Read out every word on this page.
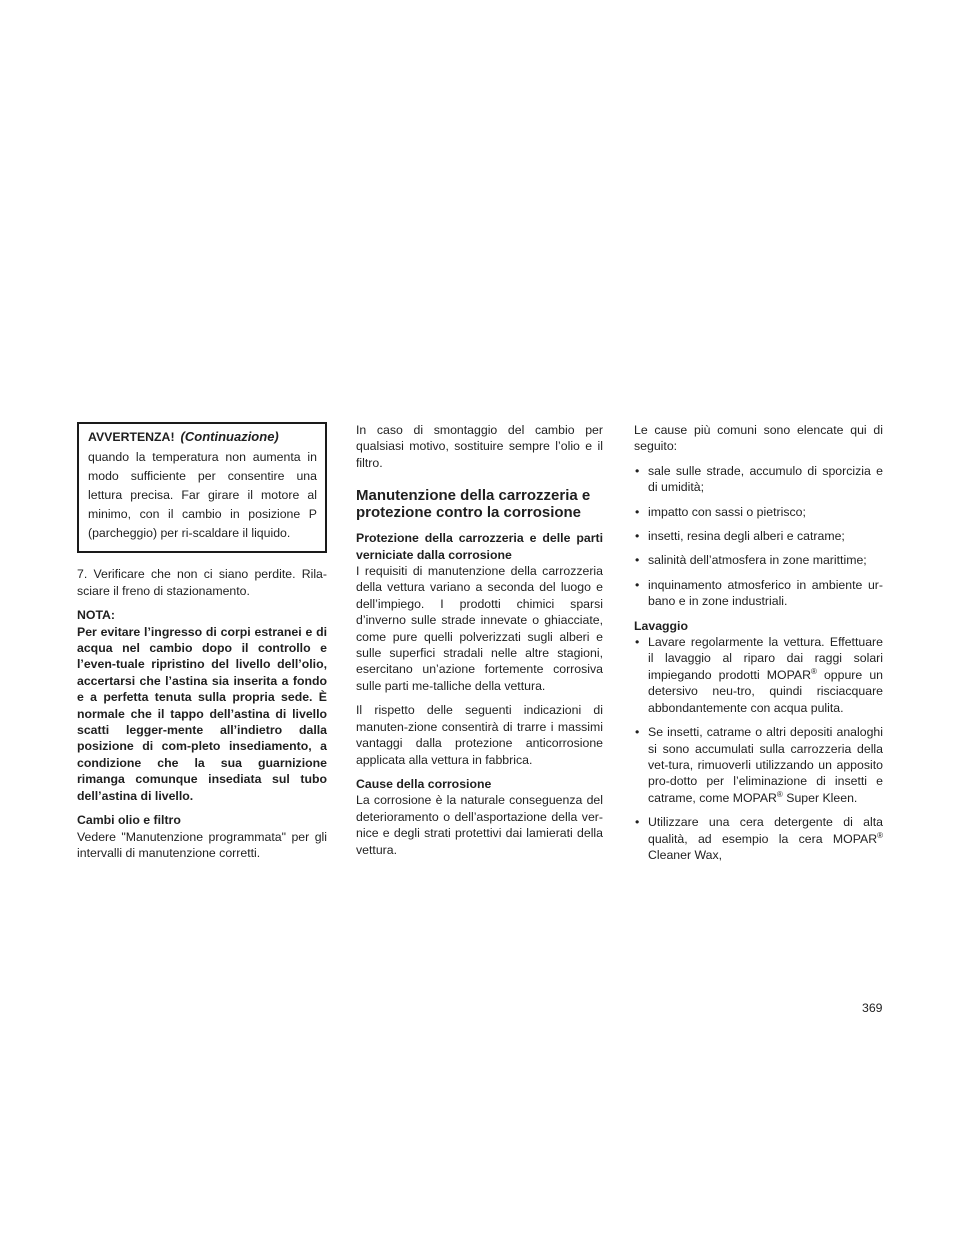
AVVERTENZA! (Continuazione)

quando la temperatura non aumenta in modo sufficiente per consentire una lettura precisa. Far girare il motore al minimo, con il cambio in posizione P (parcheggio) per ri-scaldare il liquido.

7. Verificare che non ci siano perdite. Rila-sciare il freno di stazionamento.

NOTA:

Per evitare l’ingresso di corpi estranei e di acqua nel cambio dopo il controllo e l’even-tuale ripristino del livello dell’olio, accertarsi che l’astina sia inserita a fondo e a perfetta tenuta sulla propria sede. È normale che il tappo dell’astina di livello scatti legger-mente all’indietro dalla posizione di com-pleto insediamento, a condizione che la sua guarnizione rimanga comunque insediata sul tubo dell’astina di livello.

Cambi olio e filtro

Vedere "Manutenzione programmata" per gli intervalli di manutenzione corretti.

In caso di smontaggio del cambio per qualsiasi motivo, sostituire sempre l’olio e il filtro.

Manutenzione della carrozzeria e protezione contro la corrosione

Protezione della carrozzeria e delle parti verniciate dalla corrosione

I requisiti di manutenzione della carrozzeria della vettura variano a seconda del luogo e dell’impiego. I prodotti chimici sparsi d’inverno sulle strade innevate o ghiacciate, come pure quelli polverizzati sugli alberi e sulle superfici stradali nelle altre stagioni, esercitano un’azione fortemente corrosiva sulle parti me-talliche della vettura.

Il rispetto delle seguenti indicazioni di manuten-zione consentirà di trarre i massimi vantaggi dalla protezione anticorrosione applicata alla vettura in fabbrica.

Cause della corrosione

La corrosione è la naturale conseguenza del deterioramento o dell’asportazione della ver-nice e degli strati protettivi dai lamierati della vettura.

Le cause più comuni sono elencate qui di seguito:

• sale sulle strade, accumulo di sporcizia e di umidità;
• impatto con sassi o pietrisco;
• insetti, resina degli alberi e catrame;
• salinità dell’atmosfera in zone marittime;
• inquinamento atmosferico in ambiente ur-bano e in zone industriali.

Lavaggio

• Lavare regolarmente la vettura. Effettuare il lavaggio al riparo dai raggi solari impiegando prodotti MOPAR® oppure un detersivo neu-tro, quindi risciacquare abbondantemente con acqua pulita.
• Se insetti, catrame o altri depositi analoghi si sono accumulati sulla carrozzeria della vet-tura, rimuoverli utilizzando un apposito pro-dotto per l’eliminazione di insetti e catrame, come MOPAR® Super Kleen.
• Utilizzare una cera detergente di alta qualità, ad esempio la cera MOPAR® Cleaner Wax,
369
